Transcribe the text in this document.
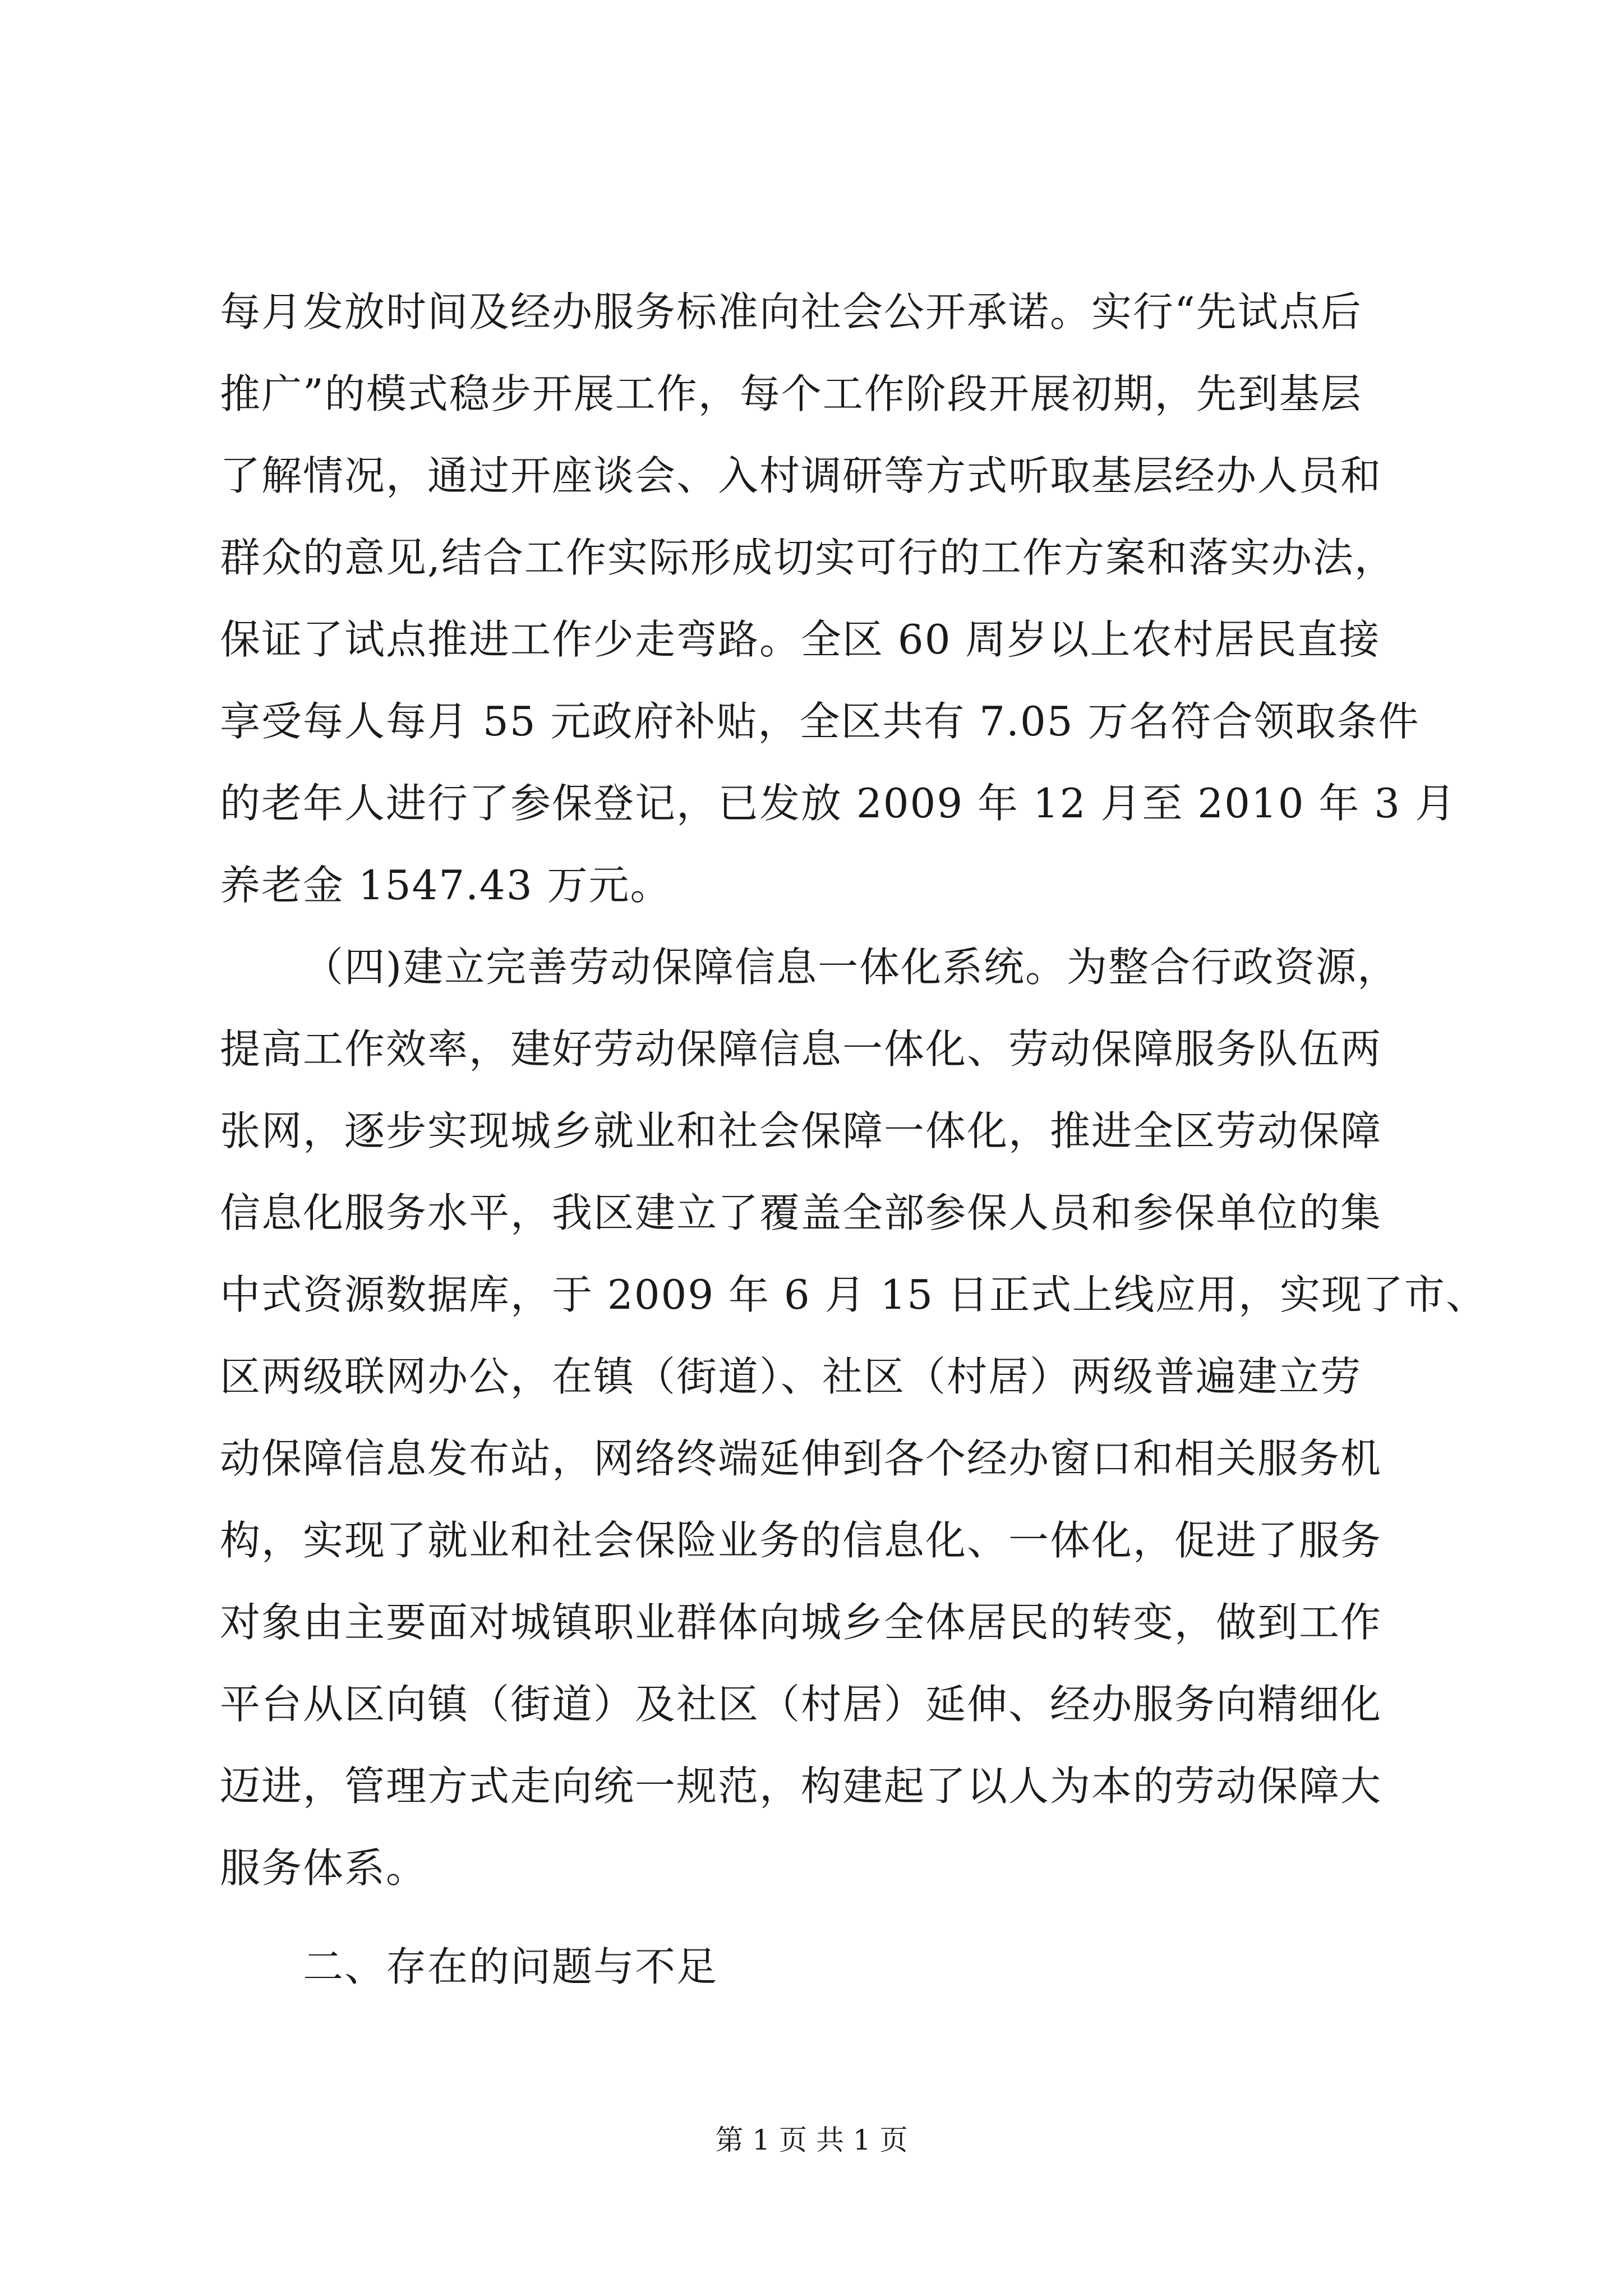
每月发放时间及经办服务标准向社会公开承诺。实行“先试点后
推广”的模式稳步开展工作，每个工作阶段开展初期，先到基层
了解情况，通过开座谈会、入村调研等方式听取基层经办人员和
群众的意见,结合工作实际形成切实可行的工作方案和落实办法，
保证了试点推进工作少走弯路。全区 60 周岁以上农村居民直接
享受每人每月 55 元政府补贴，全区共有 7.05 万名符合领取条件
的老年人进行了参保登记，已发放 2009 年 12 月至 2010 年 3 月
养老金 1547.43 万元。
（四)建立完善劳动保障信息一体化系统。为整合行政资源，
提高工作效率，建好劳动保障信息一体化、劳动保障服务队伍两
张网，逐步实现城乡就业和社会保障一体化，推进全区劳动保障
信息化服务水平，我区建立了覆盖全部参保人员和参保单位的集
中式资源数据库，于 2009 年 6 月 15 日正式上线应用，实现了市、
区两级联网办公，在镇（街道）、社区（村居）两级普遍建立劳
动保障信息发布站，网络终端延伸到各个经办窗口和相关服务机
构，实现了就业和社会保险业务的信息化、一体化，促进了服务
对象由主要面对城镇职业群体向城乡全体居民的转变，做到工作
平台从区向镇（街道）及社区（村居）延伸、经办服务向精细化
迈进，管理方式走向统一规范，构建起了以人为本的劳动保障大
服务体系。
二、存在的问题与不足
第 1 页 共 1 页
